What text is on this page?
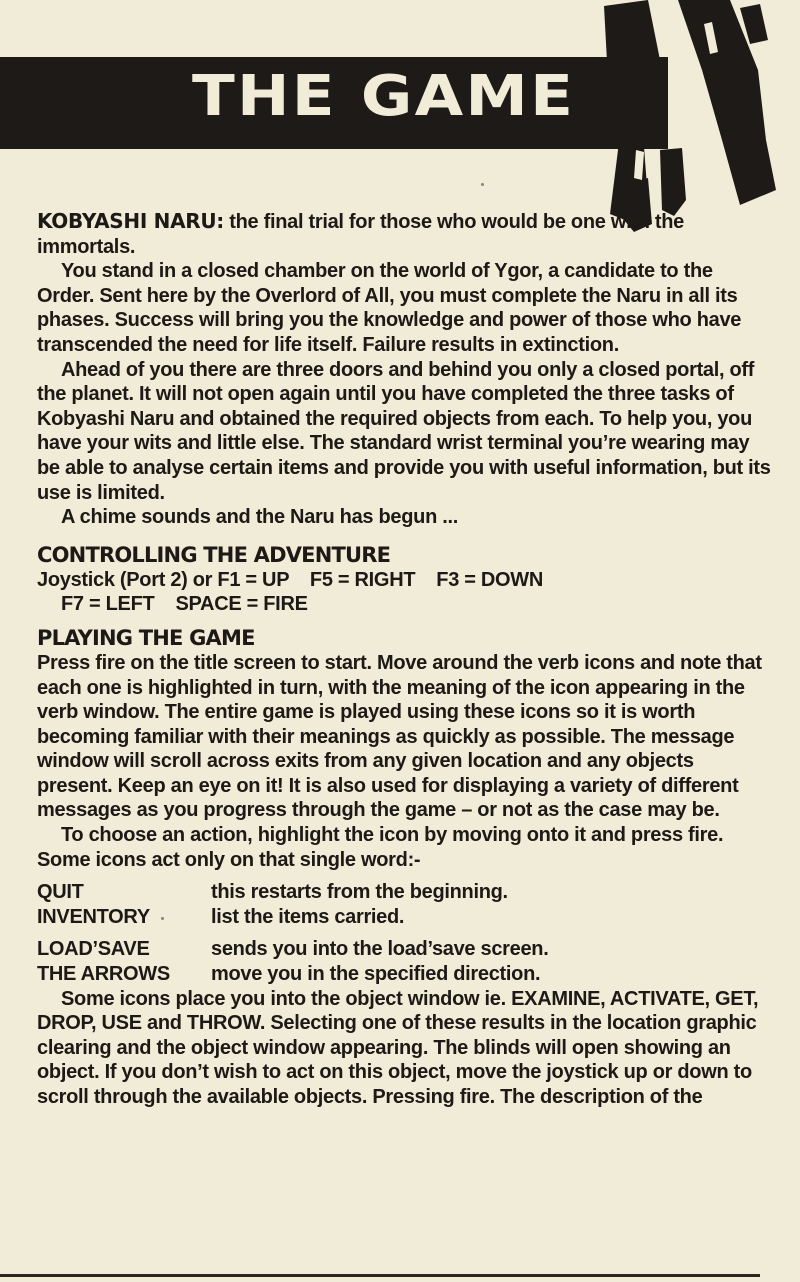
THE GAME

KOBYASHI NARU: the final trial for those who would be one with the immortals.

You stand in a closed chamber on the world of Ygor, a candidate to the Order. Sent here by the Overlord of All, you must complete the Naru in all its phases. Success will bring you the knowledge and power of those who have transcended the need for life itself. Failure results in extinction.

Ahead of you there are three doors and behind you only a closed portal, off the planet. It will not open again until you have completed the three tasks of Kobyashi Naru and obtained the required objects from each. To help you, you have your wits and little else. The standard wrist terminal you’re wearing may be able to analyse certain items and provide you with useful information, but its use is limited.

A chime sounds and the Naru has begun ...

CONTROLLING THE ADVENTURE

Joystick (Port 2) or F1 = UP    F5 = RIGHT    F3 = DOWN

F7 = LEFT    SPACE = FIRE

PLAYING THE GAME

Press fire on the title screen to start. Move around the verb icons and note that each one is highlighted in turn, with the meaning of the icon appearing in the verb window. The entire game is played using these icons so it is worth becoming familiar with their meanings as quickly as possible. The message window will scroll across exits from any given location and any objects present. Keep an eye on it! It is also used for displaying a variety of different messages as you progress through the game – or not as the case may be.

To choose an action, highlight the icon by moving onto it and press fire. Some icons act only on that single word:-

QUIT	this restarts from the beginning.
INVENTORY	list the items carried.
LOAD’SAVE	sends you into the load’save screen.
THE ARROWS	move you in the specified direction.

Some icons place you into the object window ie. EXAMINE, ACTIVATE, GET, DROP, USE and THROW. Selecting one of these results in the location graphic clearing and the object window appearing. The blinds will open showing an object. If you don’t wish to act on this object, move the joystick up or down to scroll through the available objects. Pressing fire. The description of the
